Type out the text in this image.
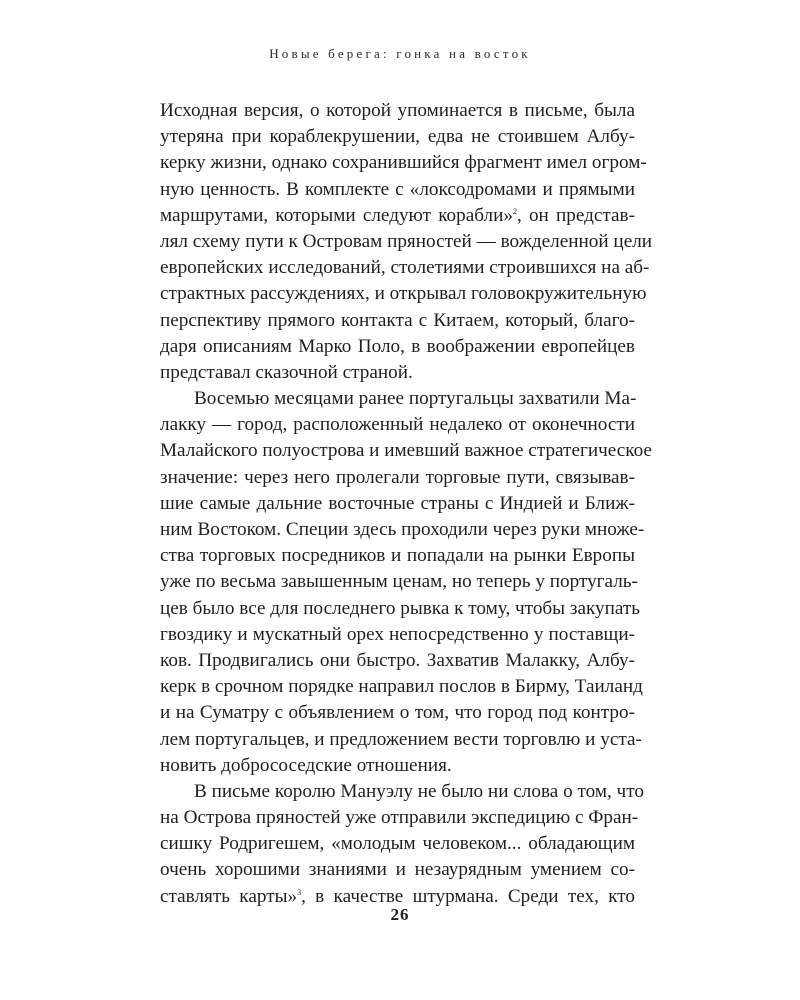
Новые берега: гонка на восток
Исходная версия, о которой упоминается в письме, была
утеряна при кораблекрушении, едва не стоившем Албу-
керку жизни, однако сохранившийся фрагмент имел огром-
ную ценность. В комплекте с «локсодромами и прямыми
маршрутами, которыми следуют корабли»$^2$, он представ-
лял схему пути к Островам пряностей — вожделенной цели
европейских исследований, столетиями строившихся на аб-
страктных рассуждениях, и открывал головокружительную
перспективу прямого контакта с Китаем, который, благо-
даря описаниям Марко Поло, в воображении европейцев
представал сказочной страной.
Восемью месяцами ранее португальцы захватили Ма-
лакку — город, расположенный недалеко от оконечности
Малайского полуострова и имевший важное стратегическое
значение: через него пролегали торговые пути, связывав-
шие самые дальние восточные страны с Индией и Ближ-
ним Востоком. Специи здесь проходили через руки множе-
ства торговых посредников и попадали на рынки Европы
уже по весьма завышенным ценам, но теперь у португаль-
цев было все для последнего рывка к тому, чтобы закупать
гвоздику и мускатный орех непосредственно у поставщи-
ков. Продвигались они быстро. Захватив Малакку, Албу-
керк в срочном порядке направил послов в Бирму, Таиланд
и на Суматру с объявлением о том, что город под контро-
лем португальцев, и предложением вести торговлю и уста-
новить добрососедские отношения.
В письме королю Мануэлу не было ни слова о том, что
на Острова пряностей уже отправили экспедицию с Фран-
сишку Родригешем, «молодым человеком... обладающим
очень хорошими знаниями и незаурядным умением со-
ставлять карты»$^3$, в качестве штурмана. Среди тех, кто
26
